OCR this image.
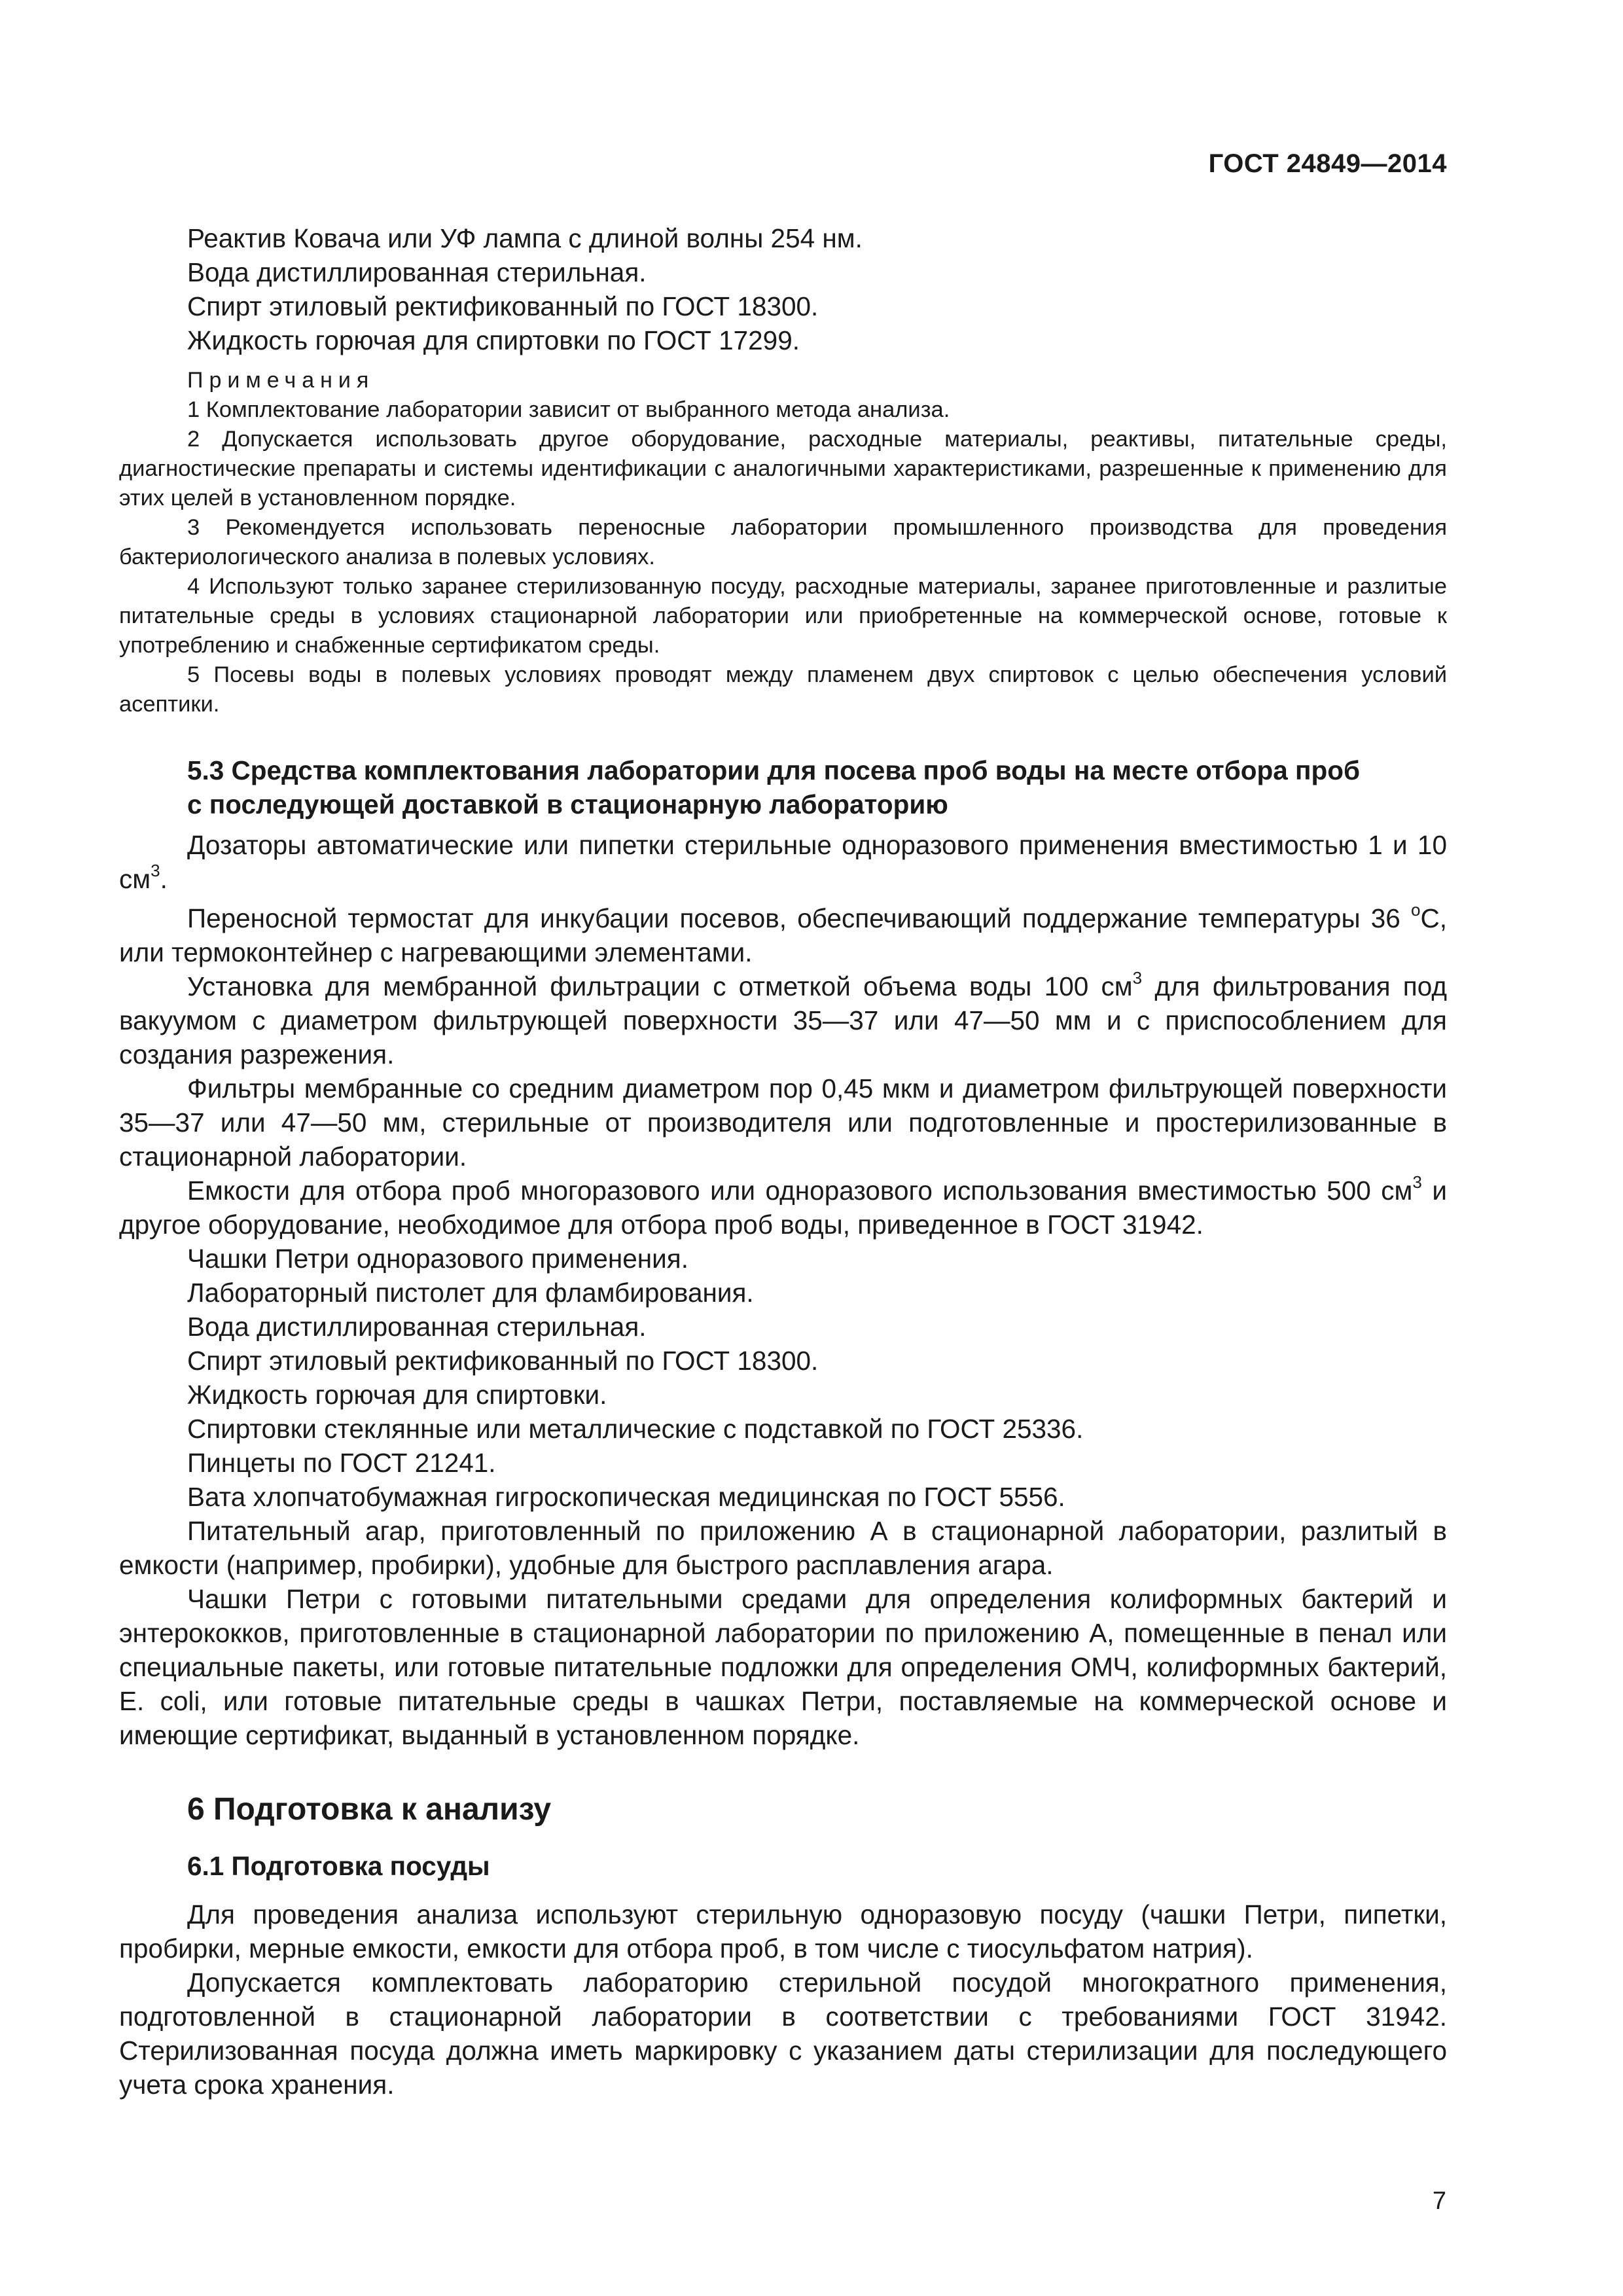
ГОСТ 24849—2014

Реактив Ковача или УФ лампа с длиной волны 254 нм.

Вода дистиллированная стерильная.

Спирт этиловый ректификованный по ГОСТ 18300.

Жидкость горючая для спиртовки по ГОСТ 17299.

Примечания

1 Комплектование лаборатории зависит от выбранного метода анализа.

2 Допускается использовать другое оборудование, расходные материалы, реактивы, питательные среды, диагностические препараты и системы идентификации с аналогичными характеристиками, разрешенные к применению для этих целей в установленном порядке.

3 Рекомендуется использовать переносные лаборатории промышленного производства для проведения бактериологического анализа в полевых условиях.

4 Используют только заранее стерилизованную посуду, расходные материалы, заранее приготовленные и разлитые питательные среды в условиях стационарной лаборатории или приобретенные на коммерческой основе, готовые к употреблению и снабженные сертификатом среды.

5 Посевы воды в полевых условиях проводят между пламенем двух спиртовок с целью обеспечения условий асептики.

5.3 Средства комплектования лаборатории для посева проб воды на месте отбора проб
с последующей доставкой в стационарную лабораторию

Дозаторы автоматические или пипетки стерильные одноразового применения вместимостью 1 и 10 $см^3$.

Переносной термостат для инкубации посевов, обеспечивающий поддержание температуры 36 $^о$С, или термоконтейнер с нагревающими элементами.

Установка для мембранной фильтрации с отметкой объема воды 100 $см^3$ для фильтрования под вакуумом с диаметром фильтрующей поверхности 35—37 или 47—50 мм и с приспособлением для создания разрежения.

Фильтры мембранные со средним диаметром пор 0,45 мкм и диаметром фильтрующей поверхности 35—37 или 47—50 мм, стерильные от производителя или подготовленные и простерилизованные в стационарной лаборатории.

Емкости для отбора проб многоразового или одноразового использования вместимостью 500 $см^3$ и другое оборудование, необходимое для отбора проб воды, приведенное в ГОСТ 31942.

Чашки Петри одноразового применения.

Лабораторный пистолет для фламбирования.

Вода дистиллированная стерильная.

Спирт этиловый ректификованный по ГОСТ 18300.

Жидкость горючая для спиртовки.

Спиртовки стеклянные или металлические с подставкой по ГОСТ 25336.

Пинцеты по ГОСТ 21241.

Вата хлопчатобумажная гигроскопическая медицинская по ГОСТ 5556.

Питательный агар, приготовленный по приложению А в стационарной лаборатории, разлитый в емкости (например, пробирки), удобные для быстрого расплавления агара.

Чашки Петри с готовыми питательными средами для определения колиформных бактерий и энтерококков, приготовленные в стационарной лаборатории по приложению А, помещенные в пенал или специальные пакеты, или готовые питательные подложки для определения ОМЧ, колиформных бактерий, E. coli, или готовые питательные среды в чашках Петри, поставляемые на коммерческой основе и имеющие сертификат, выданный в установленном порядке.

6 Подготовка к анализу
6.1 Подготовка посуды

Для проведения анализа используют стерильную одноразовую посуду (чашки Петри, пипетки, пробирки, мерные емкости, емкости для отбора проб, в том числе с тиосульфатом натрия).

Допускается комплектовать лабораторию стерильной посудой многократного применения, подготовленной в стационарной лаборатории в соответствии с требованиями ГОСТ 31942. Стерилизованная посуда должна иметь маркировку с указанием даты стерилизации для последующего учета срока хранения.

7
